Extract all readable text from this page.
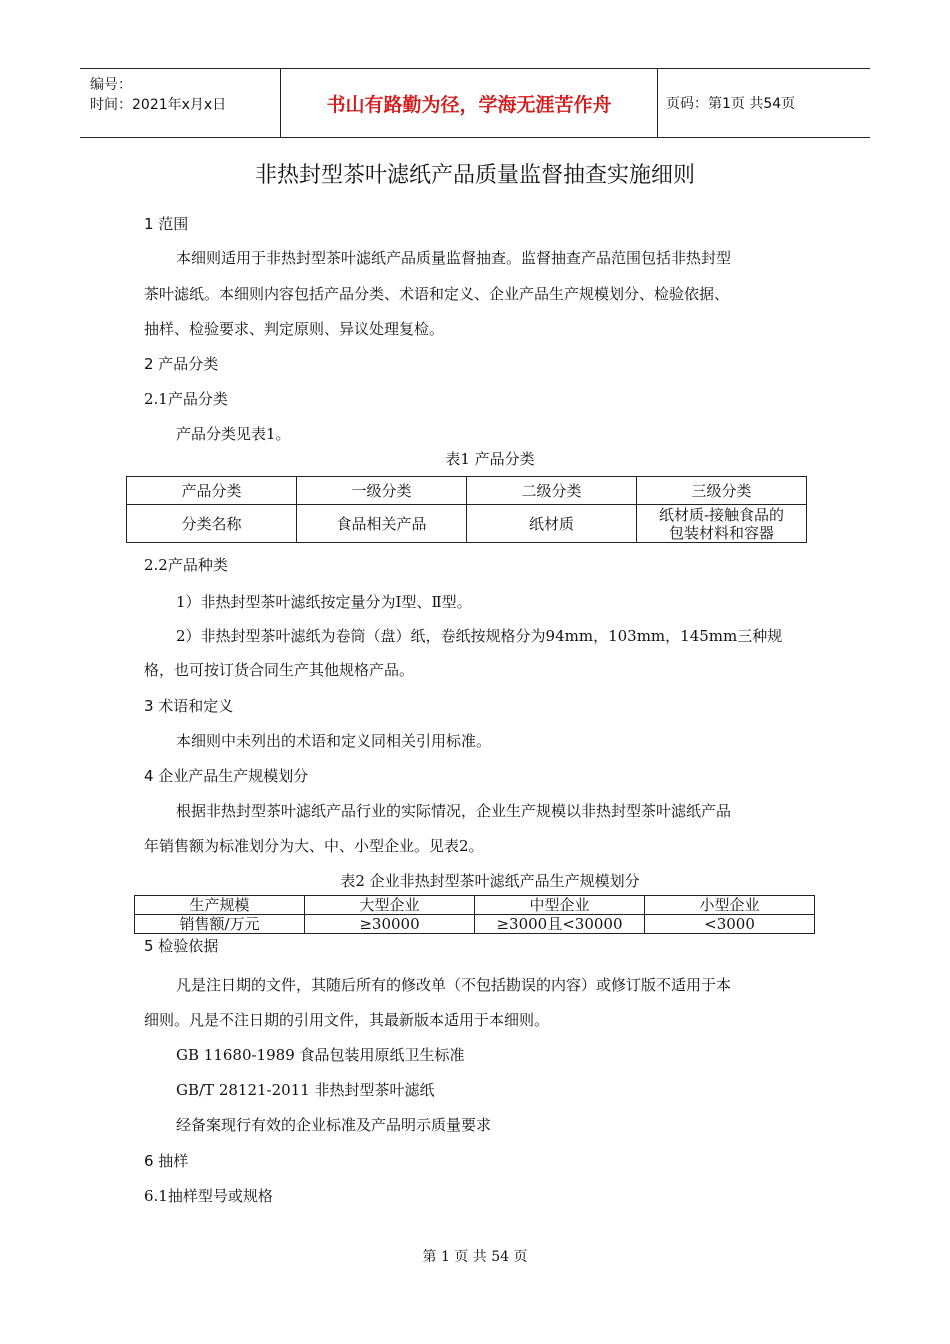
编号：
时间：2021年x月x日	书山有路勤为径，学海无涯苦作舟	页码：第1页 共54页
非热封型茶叶滤纸产品质量监督抽查实施细则
1 范围
本细则适用于非热封型茶叶滤纸产品质量监督抽查。监督抽查产品范围包括非热封型
茶叶滤纸。本细则内容包括产品分类、术语和定义、企业产品生产规模划分、检验依据、
抽样、检验要求、判定原则、异议处理复检。
2 产品分类
2.1产品分类
产品分类见表1。
表1 产品分类
产品分类	一级分类	二级分类	三级分类
分类名称	食品相关产品	纸材质	纸材质-接触食品的
包装材料和容器
2.2产品种类
1）非热封型茶叶滤纸按定量分为Ⅰ型、Ⅱ型。
2）非热封型茶叶滤纸为卷筒（盘）纸，卷纸按规格分为94mm，103mm，145mm三种规
格，也可按订货合同生产其他规格产品。
3 术语和定义
本细则中未列出的术语和定义同相关引用标准。
4 企业产品生产规模划分
根据非热封型茶叶滤纸产品行业的实际情况，企业生产规模以非热封型茶叶滤纸产品
年销售额为标准划分为大、中、小型企业。见表2。
表2 企业非热封型茶叶滤纸产品生产规模划分
生产规模	大型企业	中型企业	小型企业
销售额/万元	≥30000	≥3000且<30000	<3000
5 检验依据
凡是注日期的文件，其随后所有的修改单（不包括勘误的内容）或修订版不适用于本
细则。凡是不注日期的引用文件，其最新版本适用于本细则。
GB 11680-1989 食品包装用原纸卫生标准
GB/T 28121-2011 非热封型茶叶滤纸
经备案现行有效的企业标准及产品明示质量要求
6 抽样
6.1抽样型号或规格
第 1 页 共 54 页
